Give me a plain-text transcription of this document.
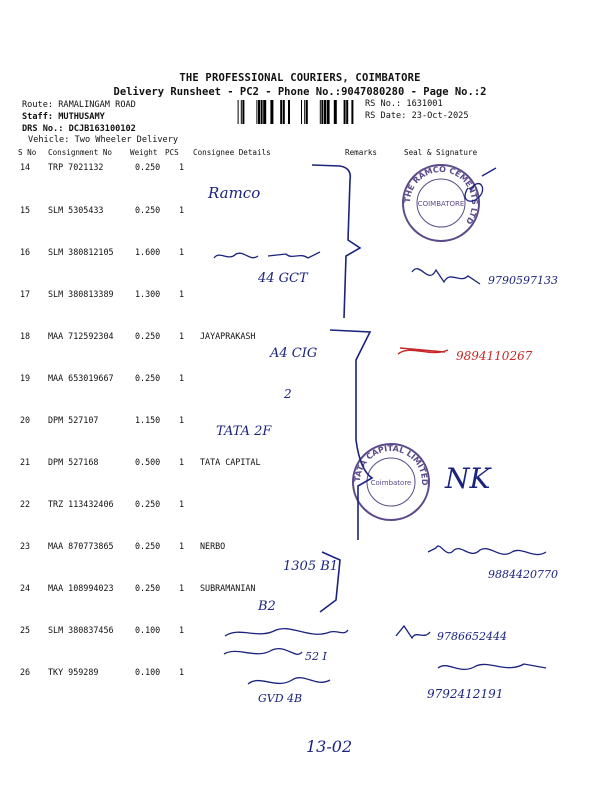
THE PROFESSIONAL COURIERS, COIMBATORE
Delivery Runsheet - PC2 - Phone No.:9047080280 - Page No.:2
Route: RAMALINGAM ROAD
Staff: MUTHUSAMY
DRS No.: DCJB163100102
Vehicle: Two Wheeler Delivery
RS No.: 1631001
RS Date: 23-Oct-2025
S No Consignment No Weight PCS Consignee Details	Remarks	Seal & Signature
14 TRP 7021132	0.250 1
15 SLM 5305433	0.250 1
16 SLM 380812105	1.600 1
17 SLM 380813389	1.300 1
18 MAA 712592304	0.250 1 JAYAPRAKASH
19 MAA 653019667	0.250 1
20 DPM 527107	1.150 1
21 DPM 527168	0.500 1 TATA CAPITAL
22 TRZ 113432406	0.250 1
23 MAA 870773865	0.250 1 NERBO
24 MAA 108994023	0.250 1 SUBRAMANIAN
25 SLM 380837456	0.100 1
26 TKY 959289	0.100 1
THE RAMCO CEMENTS LTD
COIMBATORE
TATA CAPITAL LIMITED
Coimbatore
Ramco
44 GCT	9790597133
A4 CIG
2
TATA 2F
NK
1305 B1
9884420770
B2
52 I
9786652444
GVD 4B	9792412191
13-02
9894110267
